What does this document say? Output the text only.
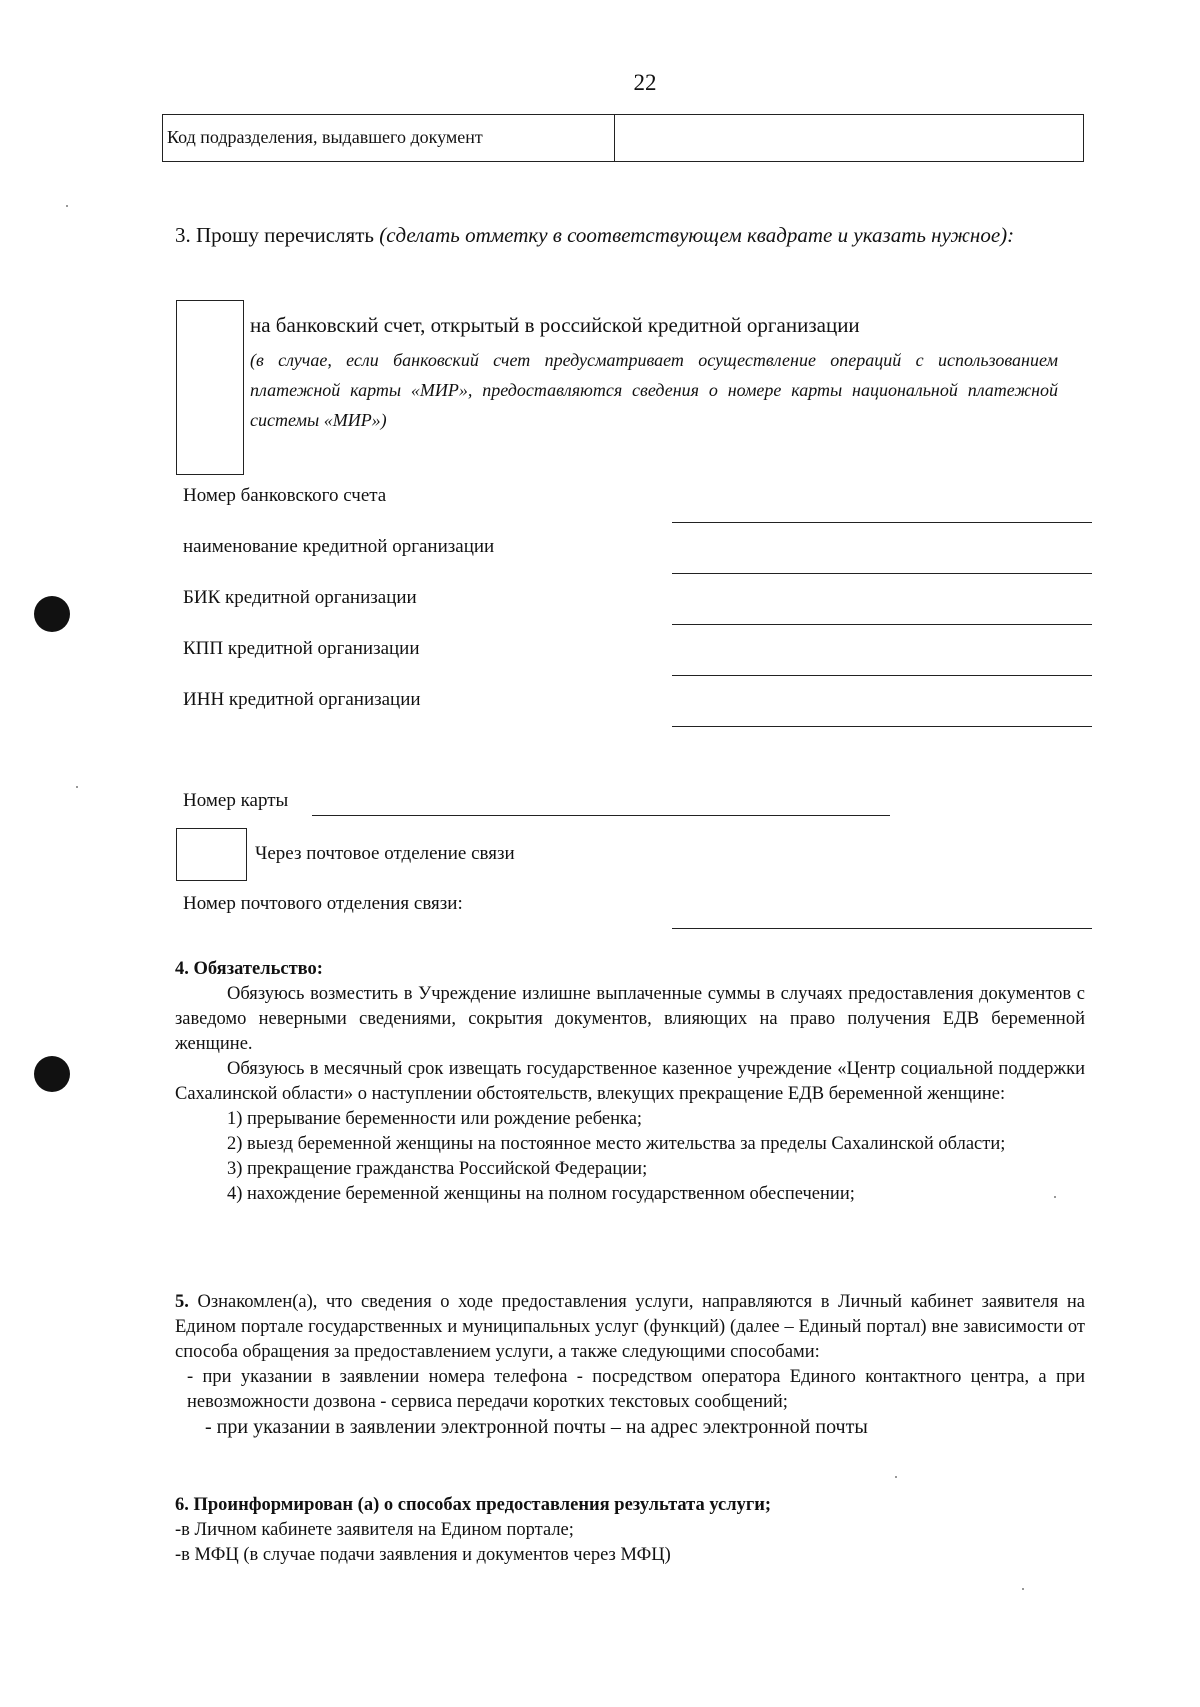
22
Код подразделения, выдавшего документ
3. Прошу перечислять (сделать отметку в соответствующем квадрате и указать нужное):
на банковский счет, открытый в российской кредитной организации
(в случае, если банковский счет предусматривает осуществление операций с использованием платежной карты «МИР», предоставляются сведения о номере карты национальной платежной системы «МИР»)
Номер банковского счета
наименование кредитной организации
БИК кредитной организации
КПП кредитной организации
ИНН кредитной организации
Номер карты
Через почтовое отделение связи
Номер почтового отделения связи:
4. Обязательство:
Обязуюсь возместить в Учреждение излишне выплаченные суммы в случаях предоставления документов с заведомо неверными сведениями, сокрытия документов, влияющих на право получения ЕДВ беременной женщине.
Обязуюсь в месячный срок извещать государственное казенное учреждение «Центр социальной поддержки Сахалинской области» о наступлении обстоятельств, влекущих прекращение ЕДВ беременной женщине:
1) прерывание беременности или рождение ребенка;
2) выезд беременной женщины на постоянное место жительства за пределы Сахалинской области;
3) прекращение гражданства Российской Федерации;
4) нахождение беременной женщины на полном государственном обеспечении;
5. Ознакомлен(а), что сведения о ходе предоставления услуги, направляются в Личный кабинет заявителя на Едином портале государственных и муниципальных услуг (функций) (далее – Единый портал) вне зависимости от способа обращения за предоставлением услуги, а также следующими способами:
- при указании в заявлении номера телефона - посредством оператора Единого контактного центра, а при невозможности дозвона - сервиса передачи коротких текстовых сообщений;
- при указании в заявлении электронной почты – на адрес электронной почты
6. Проинформирован (а) о способах предоставления результата услуги;
-в Личном кабинете заявителя на Едином портале;
-в МФЦ (в случае подачи заявления и документов через МФЦ)
